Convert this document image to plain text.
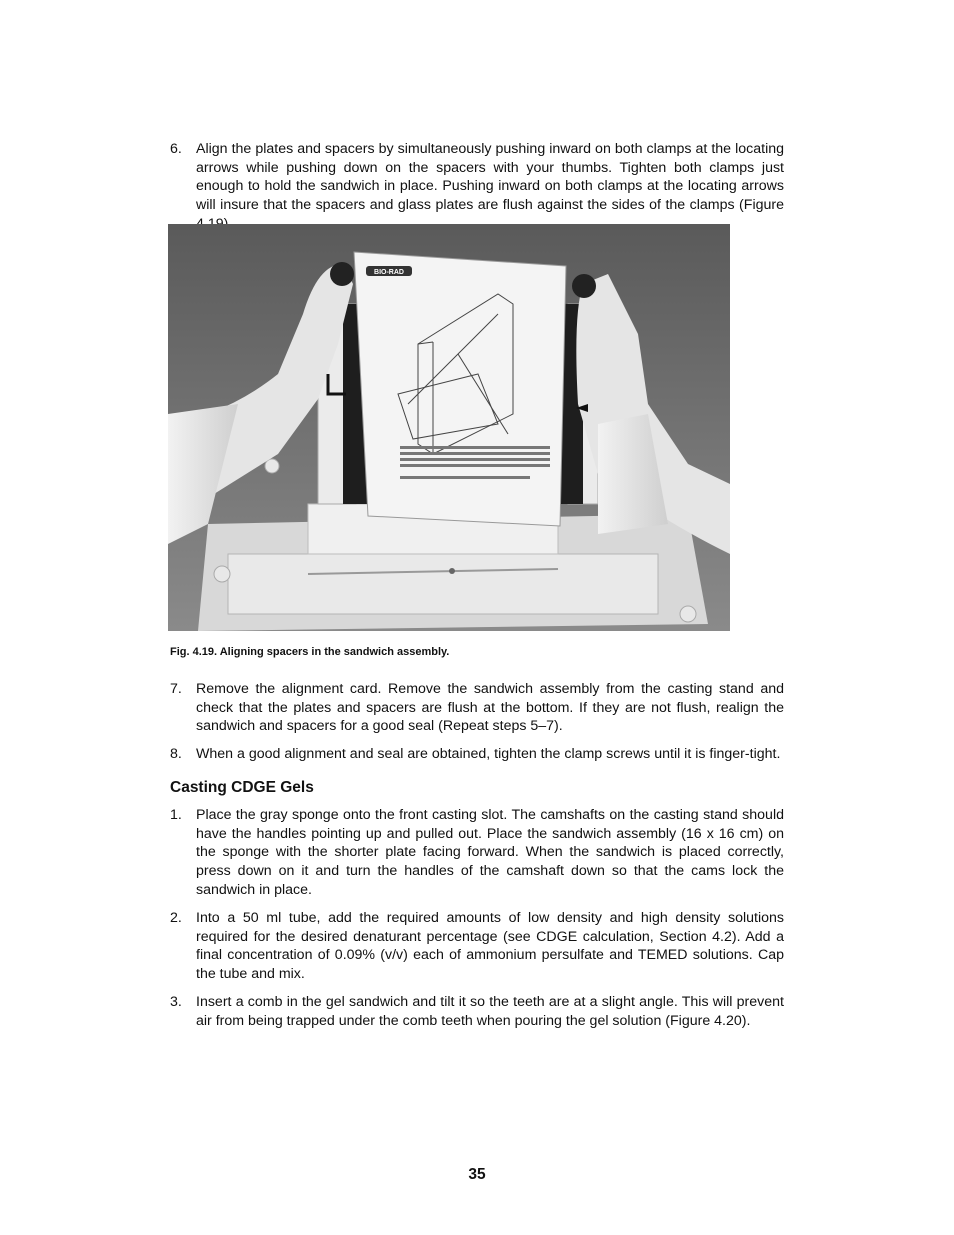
6. Align the plates and spacers by simultaneously pushing inward on both clamps at the locating arrows while pushing down on the spacers with your thumbs. Tighten both clamps just enough to hold the sandwich in place. Pushing inward on both clamps at the locating arrows will insure that the spacers and glass plates are flush against the sides of the clamps (Figure
BIO-RAD
Fig. 4.19. Aligning spacers in the sandwich assembly.
7. Remove the alignment card. Remove the sandwich assembly from the casting stand and check that the plates and spacers are flush at the bottom. If they are not flush, realign the sandwich and spacers for a good seal (Repeat steps 5–7).
8. When a good alignment and seal are obtained, tighten the clamp screws until it is finger-tight.
Casting CDGE Gels
1. Place the gray sponge onto the front casting slot. The camshafts on the casting stand should have the handles pointing up and pulled out. Place the sandwich assembly (16 x 16 cm) on the sponge with the shorter plate facing forward. When the sandwich is placed correctly, press down on it and turn the handles of the camshaft down so that the cams lock the sandwich in place.
2. Into a 50 ml tube, add the required amounts of low density and high density solutions required for the desired denaturant percentage (see CDGE calculation, Section 4.2). Add a final concentration of 0.09% (v/v) each of ammonium persulfate and TEMED solutions. Cap the tube and mix.
3. Insert a comb in the gel sandwich and tilt it so the teeth are at a slight angle. This will prevent air from being trapped under the comb teeth when pouring the gel solution (Figure 4.20).
35
